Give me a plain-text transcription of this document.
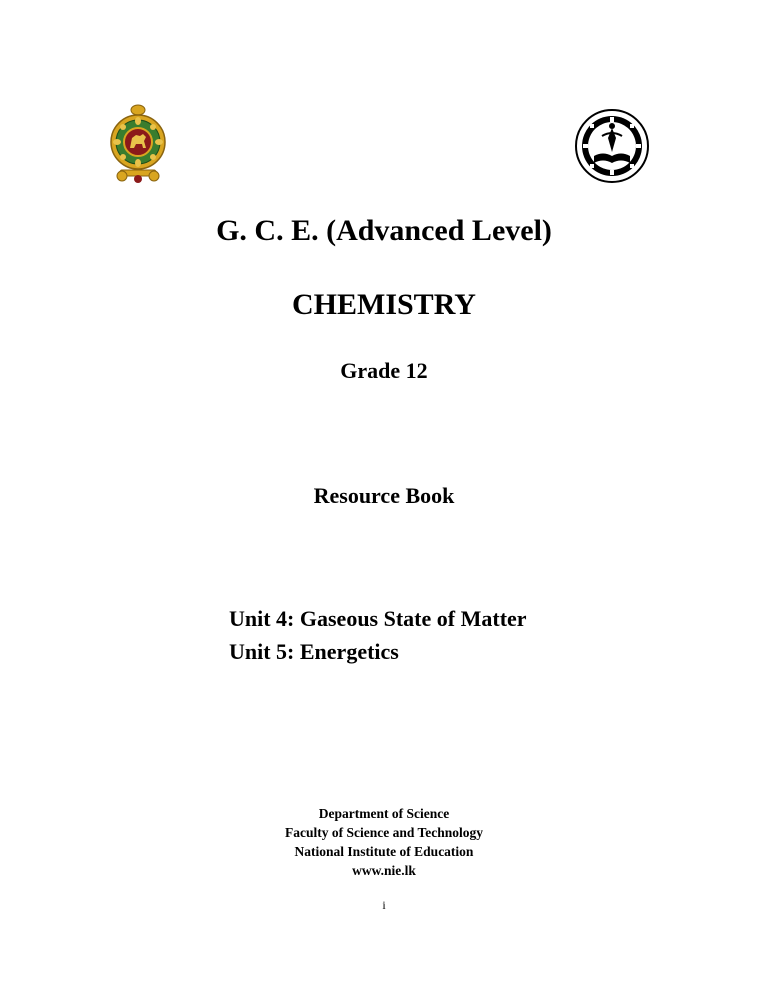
G. C. E. (Advanced Level)
CHEMISTRY
Grade 12
Resource Book
Unit 4: Gaseous State of Matter
Unit 5: Energetics
Department of Science
Faculty of Science and Technology
National Institute of Education
www.nie.lk
i
